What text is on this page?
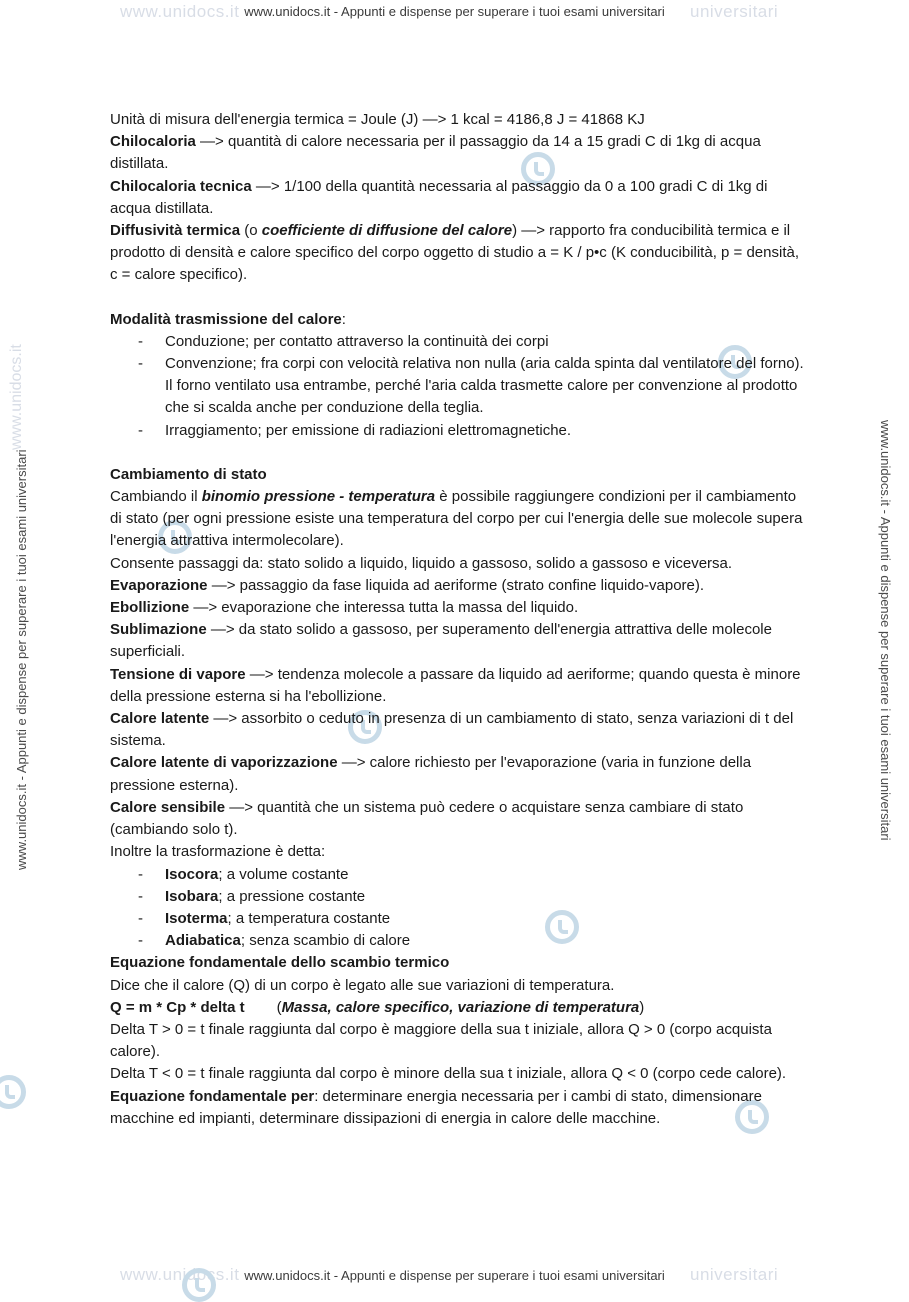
www.unidocs.it	universitari
www.unidocs.it	universitari
www.unidocs.it
www.unidocs.it - Appunti e dispense per superare i tuoi esami universitari
www.unidocs.it - Appunti e dispense per superare i tuoi esami universitari
www.unidocs.it - Appunti e dispense per superare i tuoi esami universitari	www.unidocs.it - Appunti e dispense per superare i tuoi esami universitari

Unità di misura dell'energia termica = Joule (J) —> 1 kcal = 4186,8 J = 41868 KJ

Chilocaloria —> quantità di calore necessaria per il passaggio da 14 a 15 gradi C di 1kg di acqua distillata.

Chilocaloria tecnica —> 1/100 della quantità necessaria al passaggio da 0 a 100 gradi C di 1kg di acqua distillata.

Diffusività termica (o coefficiente di diffusione del calore) —> rapporto fra conducibilità termica e il prodotto di densità e calore specifico del corpo oggetto di studio a = K / p•c (K conducibilità, p = densità, c = calore specifico).

Modalità trasmissione del calore:

- Conduzione; per contatto attraverso la continuità dei corpi
- Convenzione; fra corpi con velocità relativa non nulla (aria calda spinta dal ventilatore del forno). Il forno ventilato usa entrambe, perché l'aria calda trasmette calore per convenzione al prodotto che si scalda anche per conduzione della teglia.
- Irraggiamento; per emissione di radiazioni elettromagnetiche.

Cambiamento di stato

Cambiando il binomio pressione - temperatura è possibile raggiungere condizioni per il cambiamento di stato (per ogni pressione esiste una temperatura del corpo per cui l'energia delle sue molecole supera l'energia attrattiva intermolecolare).

Consente passaggi da: stato solido a liquido, liquido a gassoso, solido a gassoso e viceversa.

Evaporazione —> passaggio da fase liquida ad aeriforme (strato confine liquido-vapore).

Ebollizione —> evaporazione che interessa tutta la massa del liquido.

Sublimazione —> da stato solido a gassoso, per superamento dell'energia attrattiva delle molecole superficiali.

Tensione di vapore —> tendenza molecole a passare da liquido ad aeriforme; quando questa è minore della pressione esterna si ha l'ebollizione.

Calore latente —> assorbito o ceduto in presenza di un cambiamento di stato, senza variazioni di t del sistema.

Calore latente di vaporizzazione —> calore richiesto per l'evaporazione (varia in funzione della pressione esterna).

Calore sensibile —> quantità che un sistema può cedere o acquistare senza cambiare di stato (cambiando solo t).

Inoltre la trasformazione è detta:

- Isocora; a volume costante
- Isobara; a pressione costante
- Isoterma; a temperatura costante
- Adiabatica; senza scambio di calore

Equazione fondamentale dello scambio termico

Dice che il calore (Q) di un corpo è legato alle sue variazioni di temperatura.

Q = m * Cp * delta t (Massa, calore specifico, variazione di temperatura)

Delta T > 0 = t finale raggiunta dal corpo è maggiore della sua t iniziale, allora Q > 0 (corpo acquista calore).

Delta T < 0 = t finale raggiunta dal corpo è minore della sua t iniziale, allora Q < 0 (corpo cede calore). Equazione fondamentale per: determinare energia necessaria per i cambi di stato, dimensionare macchine ed impianti, determinare dissipazioni di energia in calore delle macchine.
